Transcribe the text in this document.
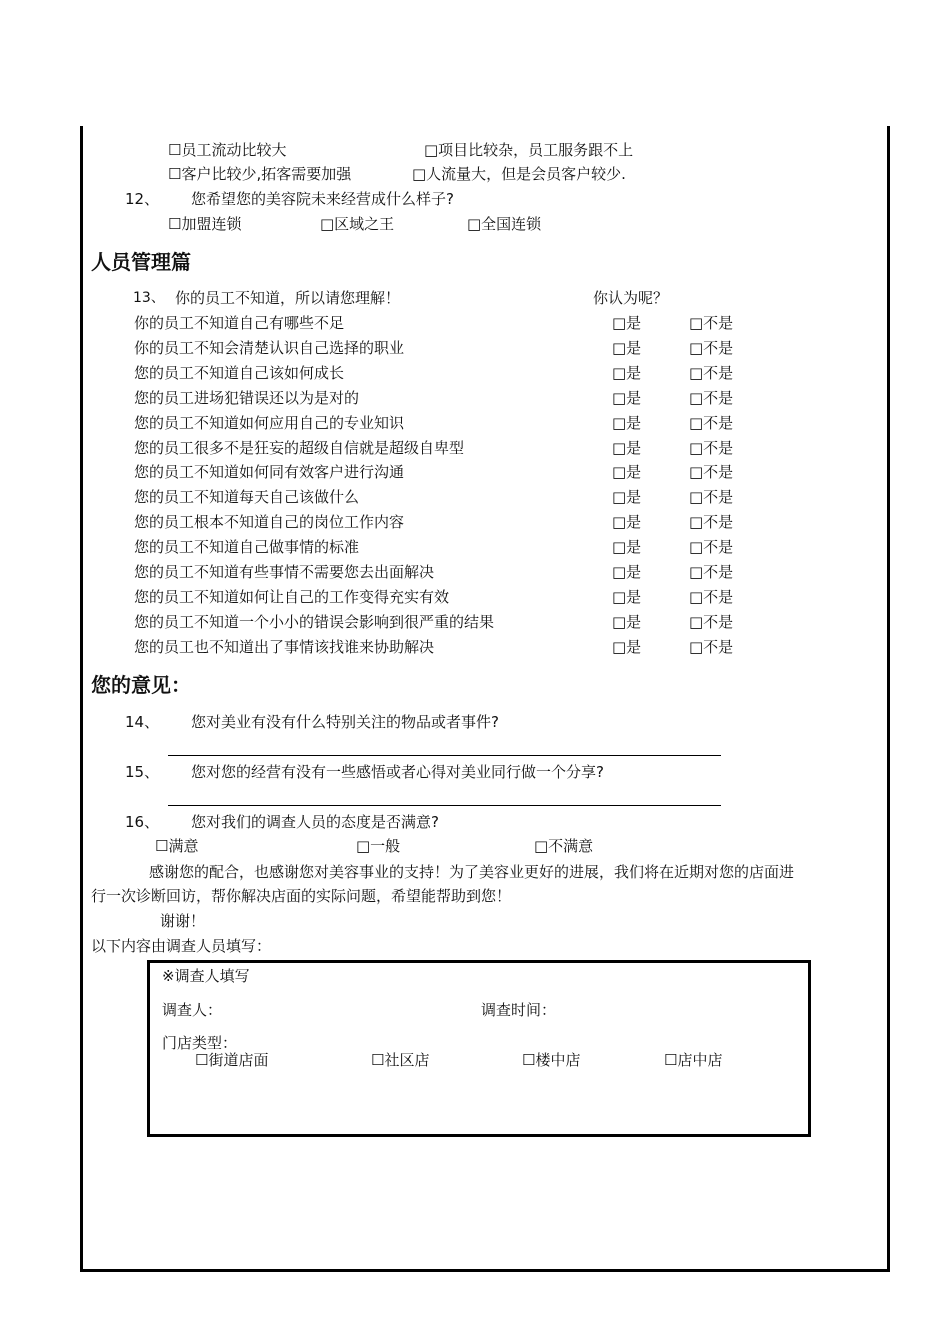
☐员工流动比较大	□项目比较杂，员工服务跟不上
☐客户比较少,拓客需要加强	□人流量大，但是会员客户较少.
12、 您希望您的美容院未来经营成什么样子?
☐加盟连锁	□区域之王	□全国连锁
人员管理篇
13、 你的员工不知道，所以请您理解！	你认为呢？
你的员工不知道自己有哪些不足	□是	□不是
你的员工不知会清楚认识自己选择的职业	□是	□不是
您的员工不知道自己该如何成长	□是	□不是
您的员工进场犯错误还以为是对的	□是	□不是
您的员工不知道如何应用自己的专业知识	□是	□不是
您的员工很多不是狂妄的超级自信就是超级自卑型	□是	□不是
您的员工不知道如何同有效客户进行沟通	□是	□不是
您的员工不知道每天自己该做什么	□是	□不是
您的员工根本不知道自己的岗位工作内容	□是	□不是
您的员工不知道自己做事情的标准	□是	□不是
您的员工不知道有些事情不需要您去出面解决	□是	□不是
您的员工不知道如何让自己的工作变得充实有效	□是	□不是
您的员工不知道一个小小的错误会影响到很严重的结果	□是	□不是
您的员工也不知道出了事情该找谁来协助解决	□是	□不是
您的意见：
14、 您对美业有没有什么特别关注的物品或者事件?
15、 您对您的经营有没有一些感悟或者心得对美业同行做一个分享?
16、 您对我们的调查人员的态度是否满意?
☐满意	□一般	□不满意
感谢您的配合，也感谢您对美容事业的支持！为了美容业更好的进展，我们将在近期对您的店面进
行一次诊断回访，帮你解决店面的实际问题，希望能帮助到您！
谢谢！
以下内容由调查人员填写：
※调查人填写
调查人：	调查时间：
门店类型：
☐街道店面	☐社区店	☐楼中店	☐店中店
